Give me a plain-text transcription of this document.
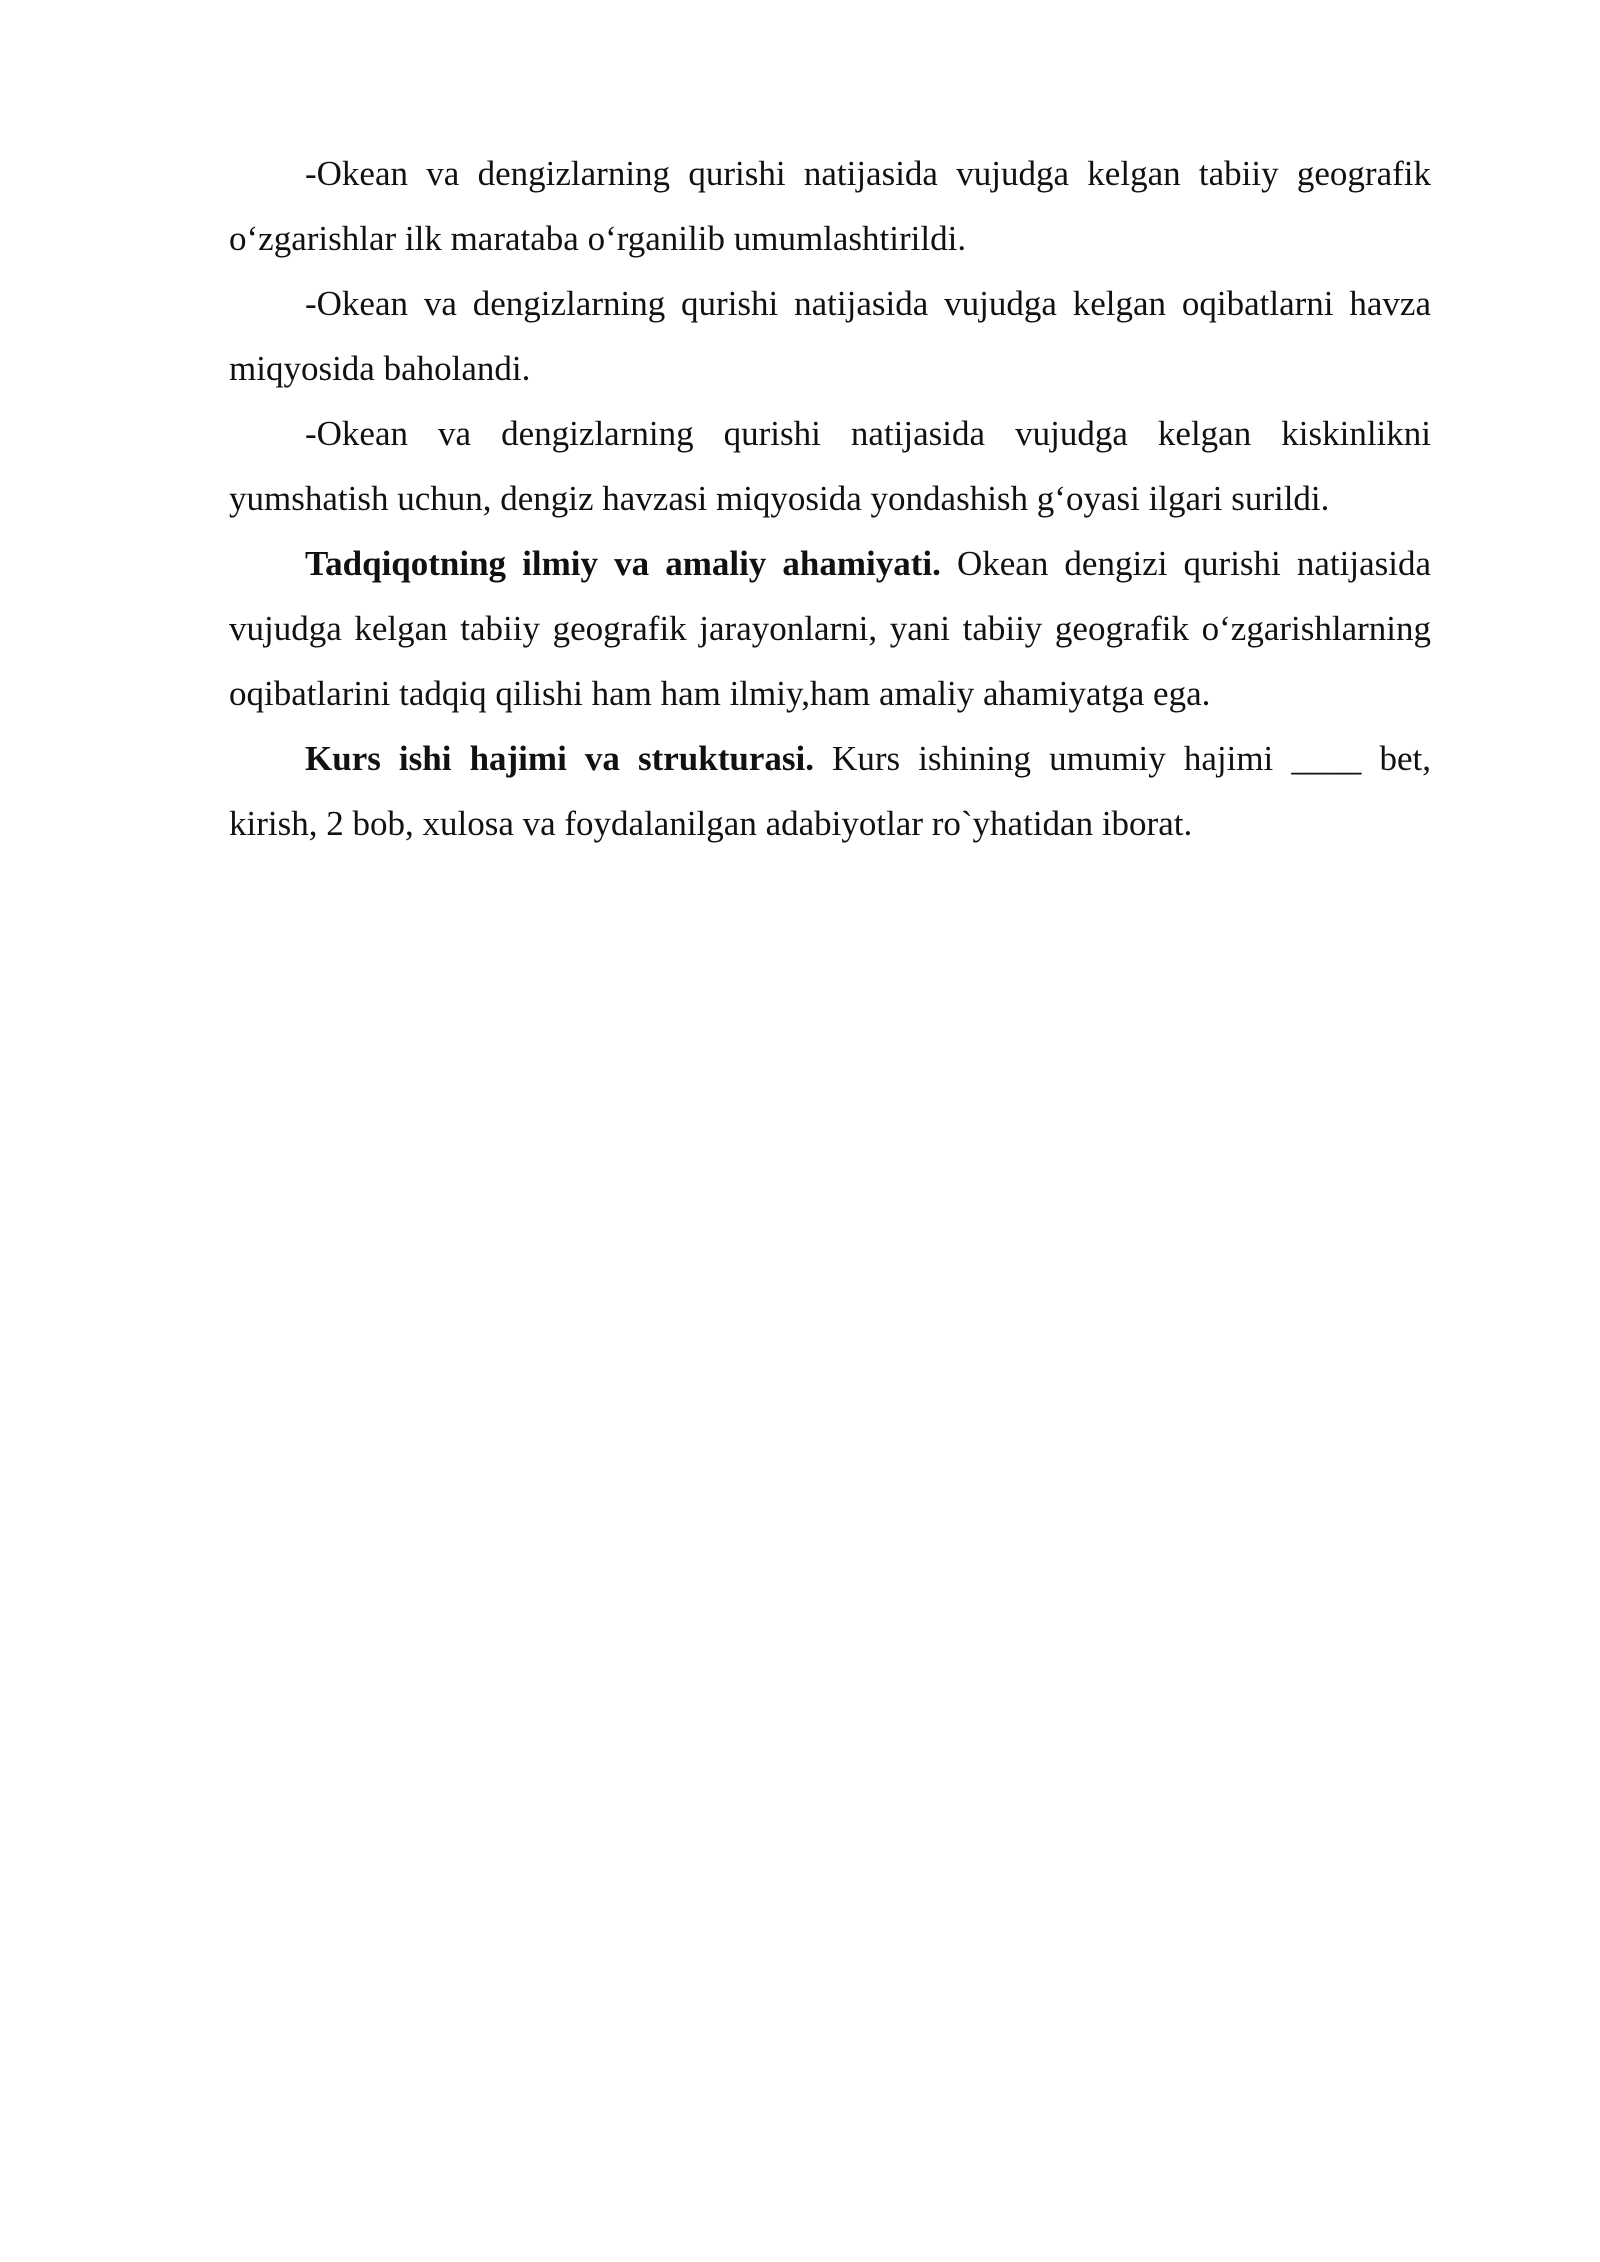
-Okean va dengizlarning qurishi natijasida vujudga kelgan tabiiy geografik o‘zgarishlar ilk marataba o‘rganilib umumlashtirildi.

-Okean va dengizlarning qurishi natijasida vujudga kelgan oqibatlarni havza miqyosida baholandi.

-Okean va dengizlarning qurishi natijasida vujudga kelgan kiskinlikni yumshatish uchun, dengiz havzasi miqyosida yondashish g‘oyasi ilgari surildi.

Tadqiqotning ilmiy va amaliy ahamiyati. Okean dengizi qurishi natijasida vujudga kelgan tabiiy geografik jarayonlarni, yani tabiiy geografik o‘zgarishlarning oqibatlarini tadqiq qilishi ham ham ilmiy,ham amaliy ahamiyatga ega.

Kurs ishi hajimi va strukturasi. Kurs ishining umumiy hajimi ____ bet, kirish, 2 bob, xulosa va foydalanilgan adabiyotlar ro`yhatidan iborat.
